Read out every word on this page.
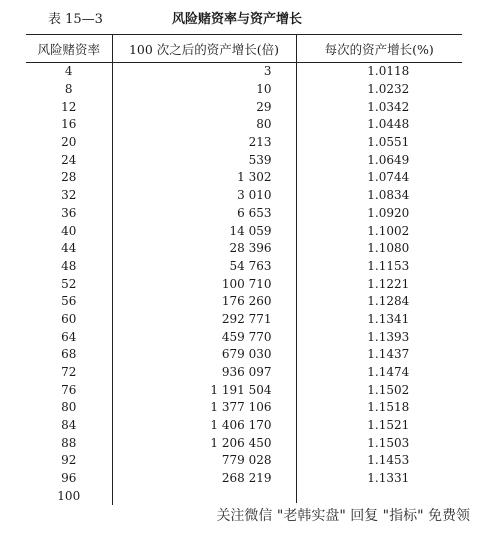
表 15—3	风险赌资率与资产增长
风险赌资率	100 次之后的资产增长(倍)	每次的资产增长(%)
4	3	1.0118
8	10	1.0232
12	29	1.0342
16	80	1.0448
20	213	1.0551
24	539	1.0649
28	1 302	1.0744
32	3 010	1.0834
36	6 653	1.0920
40	14 059	1.1002
44	28 396	1.1080
48	54 763	1.1153
52	100 710	1.1221
56	176 260	1.1284
60	292 771	1.1341
64	459 770	1.1393
68	679 030	1.1437
72	936 097	1.1474
76	1 191 504	1.1502
80	1 377 106	1.1518
84	1 406 170	1.1521
88	1 206 450	1.1503
92	779 028	1.1453
96	268 219	1.1331
100		
关注微信 "老韩实盘" 回复 "指标" 免费领
